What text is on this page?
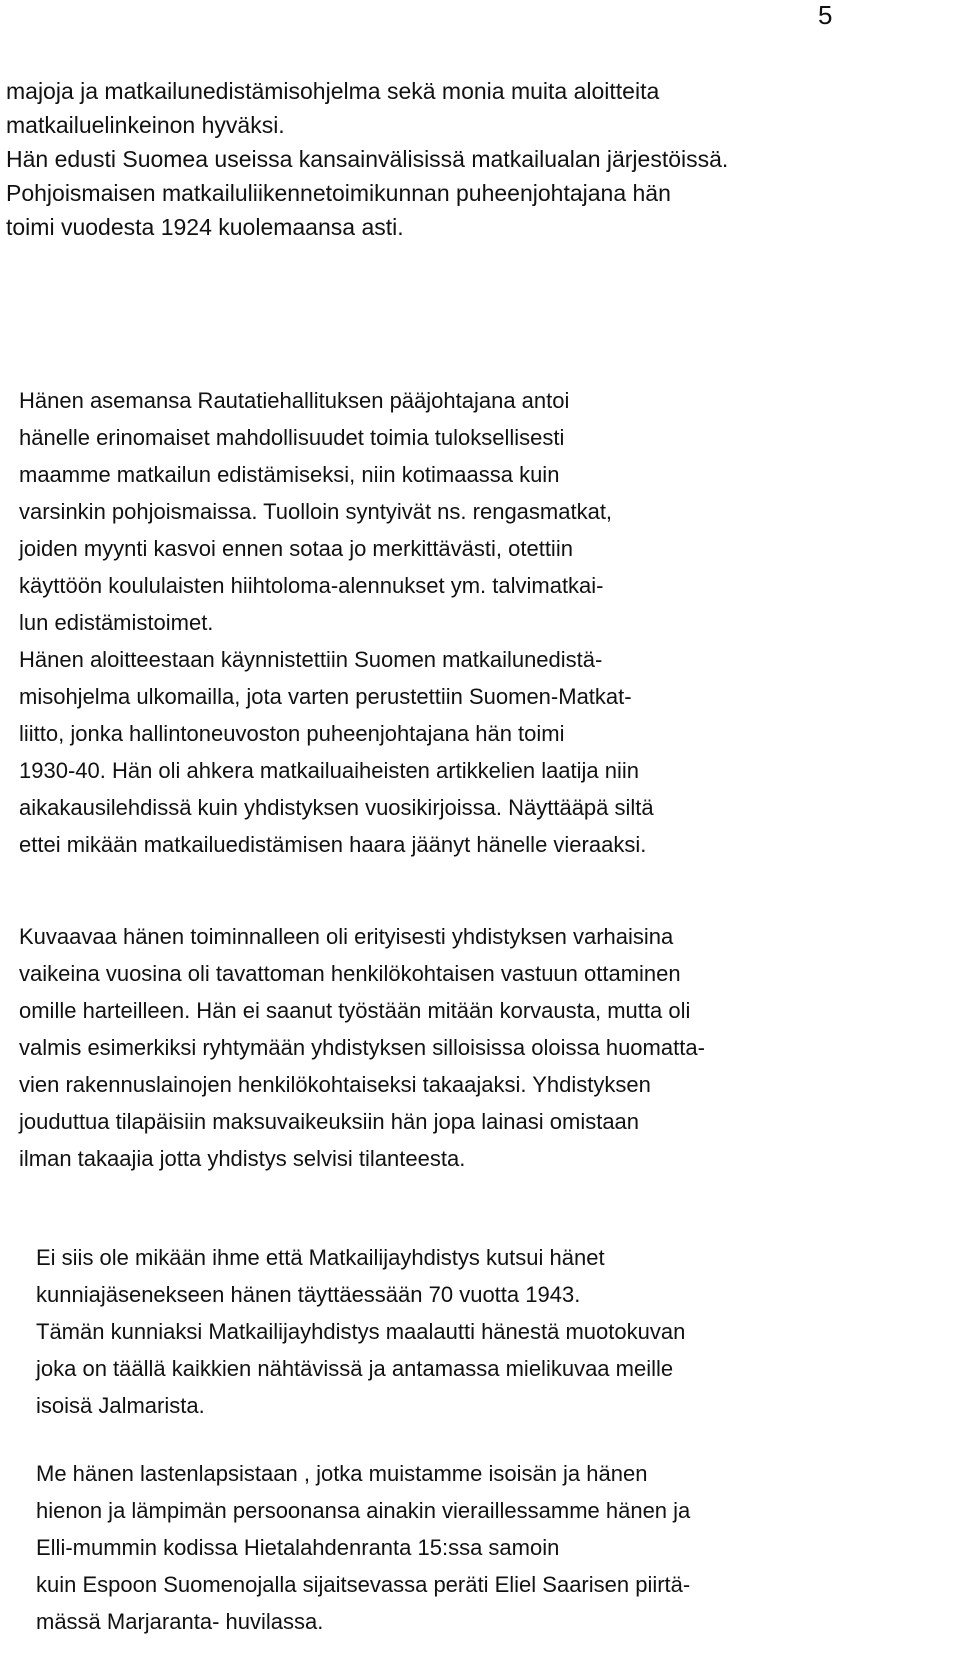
5
majoja ja matkailunedistämisohjelma sekä monia muita aloitteita
matkailuelinkeinon hyväksi.
Hän edusti Suomea useissa kansainvälisissä matkailualan järjestöissä.
Pohjoismaisen matkailuliikennetoimikunnan puheenjohtajana hän
toimi vuodesta 1924 kuolemaansa asti.
Hänen asemansa Rautatiehallituksen pääjohtajana antoi
hänelle erinomaiset mahdollisuudet toimia tuloksellisesti
maamme matkailun edistämiseksi, niin kotimaassa kuin
varsinkin pohjoismaissa. Tuolloin syntyivät ns. rengasmatkat,
joiden myynti kasvoi ennen sotaa jo merkittävästi, otettiin
käyttöön koululaisten hiihtoloma-alennukset ym. talvimatkai-
lun edistämistoimet.
Hänen aloitteestaan käynnistettiin Suomen matkailunedistä-
misohjelma ulkomailla, jota varten perustettiin Suomen-Matkat-
liitto, jonka hallintoneuvoston puheenjohtajana hän toimi
1930-40. Hän oli ahkera matkailuaiheisten artikkelien laatija niin
aikakausilehdissä kuin yhdistyksen vuosikirjoissa. Näyttääpä siltä
ettei mikään matkailuedistämisen haara jäänyt hänelle vieraaksi.
Kuvaavaa hänen toiminnalleen oli erityisesti yhdistyksen varhaisina
vaikeina vuosina oli tavattoman henkilökohtaisen vastuun ottaminen
omille harteilleen. Hän ei saanut työstään mitään korvausta, mutta oli
valmis esimerkiksi ryhtymään yhdistyksen silloisissa oloissa huomatta-
vien rakennuslainojen henkilökohtaiseksi takaajaksi. Yhdistyksen
jouduttua tilapäisiin maksuvaikeuksiin hän jopa lainasi omistaan
ilman takaajia jotta yhdistys selvisi tilanteesta.
Ei siis ole mikään ihme että Matkailijayhdistys kutsui hänet
kunniajäsenekseen hänen täyttäessään 70 vuotta 1943.
Tämän kunniaksi Matkailijayhdistys maalautti hänestä muotokuvan
joka on täällä kaikkien nähtävissä ja antamassa mielikuvaa meille
isoisä Jalmarista.
Me hänen lastenlapsistaan , jotka muistamme isoisän ja hänen
hienon ja lämpimän persoonansa ainakin vieraillessamme hänen ja
Elli-mummin kodissa Hietalahdenranta 15:ssa samoin
kuin Espoon Suomenojalla sijaitsevassa peräti Eliel Saarisen piirtä-
mässä Marjaranta- huvilassa.
